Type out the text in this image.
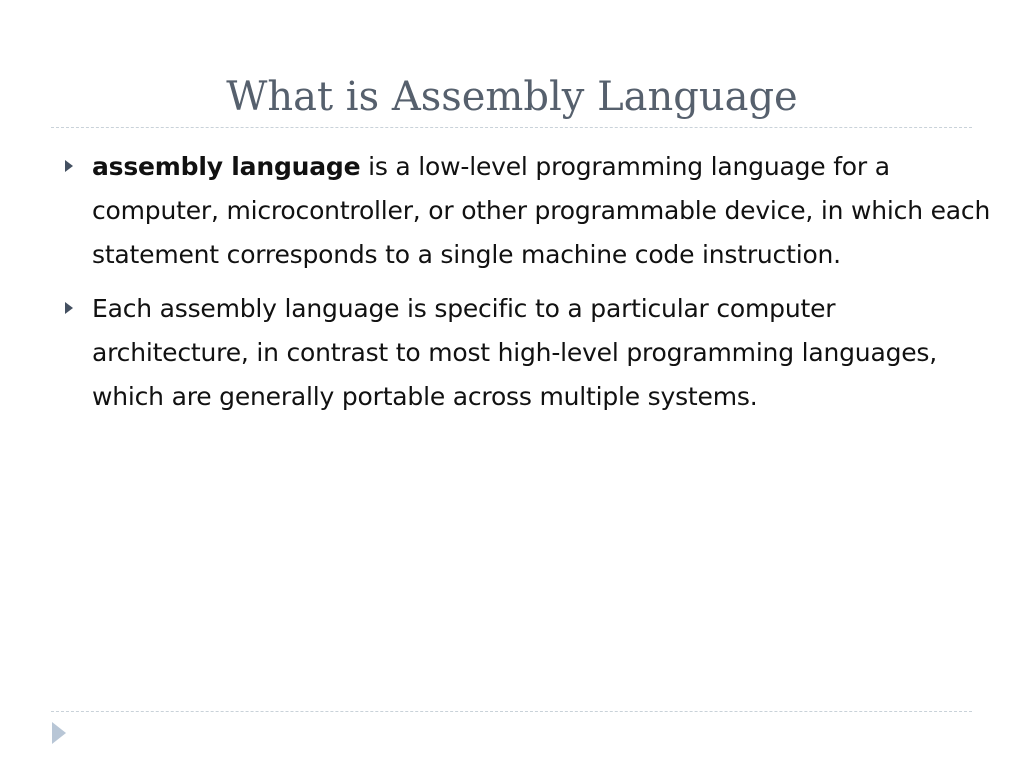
What is Assembly Language
assembly language is a low-level programming language for a computer, microcontroller, or other programmable device, in which each statement corresponds to a single machine code instruction.
Each assembly language is specific to a particular computer architecture, in contrast to most high-level programming languages, which are generally portable across multiple systems.
